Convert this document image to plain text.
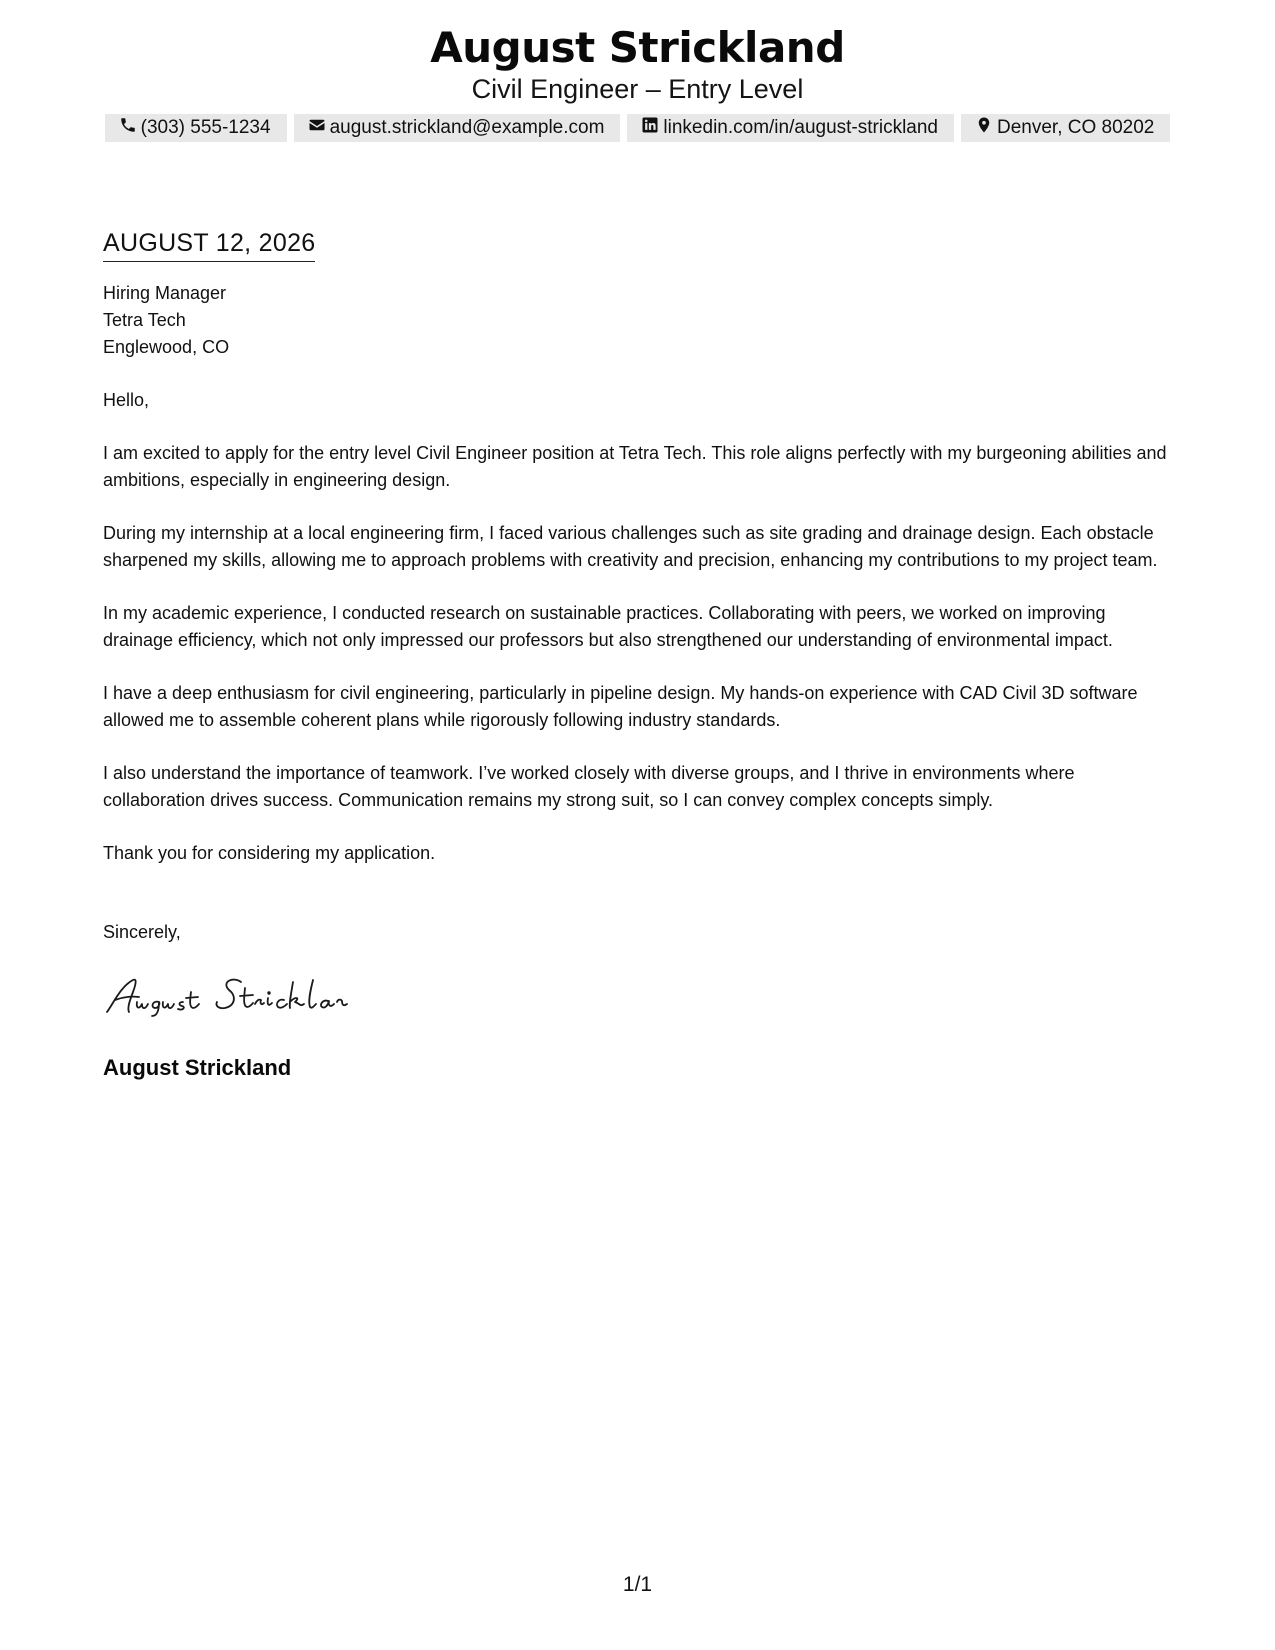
August Strickland
Civil Engineer – Entry Level
(303) 555-1234	august.strickland@example.com	linkedin.com/in/august-strickland	Denver, CO 80202
AUGUST 12, 2026
Hiring Manager
Tetra Tech
Englewood, CO

Hello,

I am excited to apply for the entry level Civil Engineer position at Tetra Tech. This role aligns perfectly with my burgeoning abilities and ambitions, especially in engineering design.

During my internship at a local engineering firm, I faced various challenges such as site grading and drainage design. Each obstacle sharpened my skills, allowing me to approach problems with creativity and precision, enhancing my contributions to my project team.

In my academic experience, I conducted research on sustainable practices. Collaborating with peers, we worked on improving drainage efficiency, which not only impressed our professors but also strengthened our understanding of environmental impact.

I have a deep enthusiasm for civil engineering, particularly in pipeline design. My hands-on experience with CAD Civil 3D software allowed me to assemble coherent plans while rigorously following industry standards.

I also understand the importance of teamwork. I’ve worked closely with diverse groups, and I thrive in environments where collaboration drives success. Communication remains my strong suit, so I can convey complex concepts simply.

Thank you for considering my application.

Sincerely,

August Strickland
1/1
